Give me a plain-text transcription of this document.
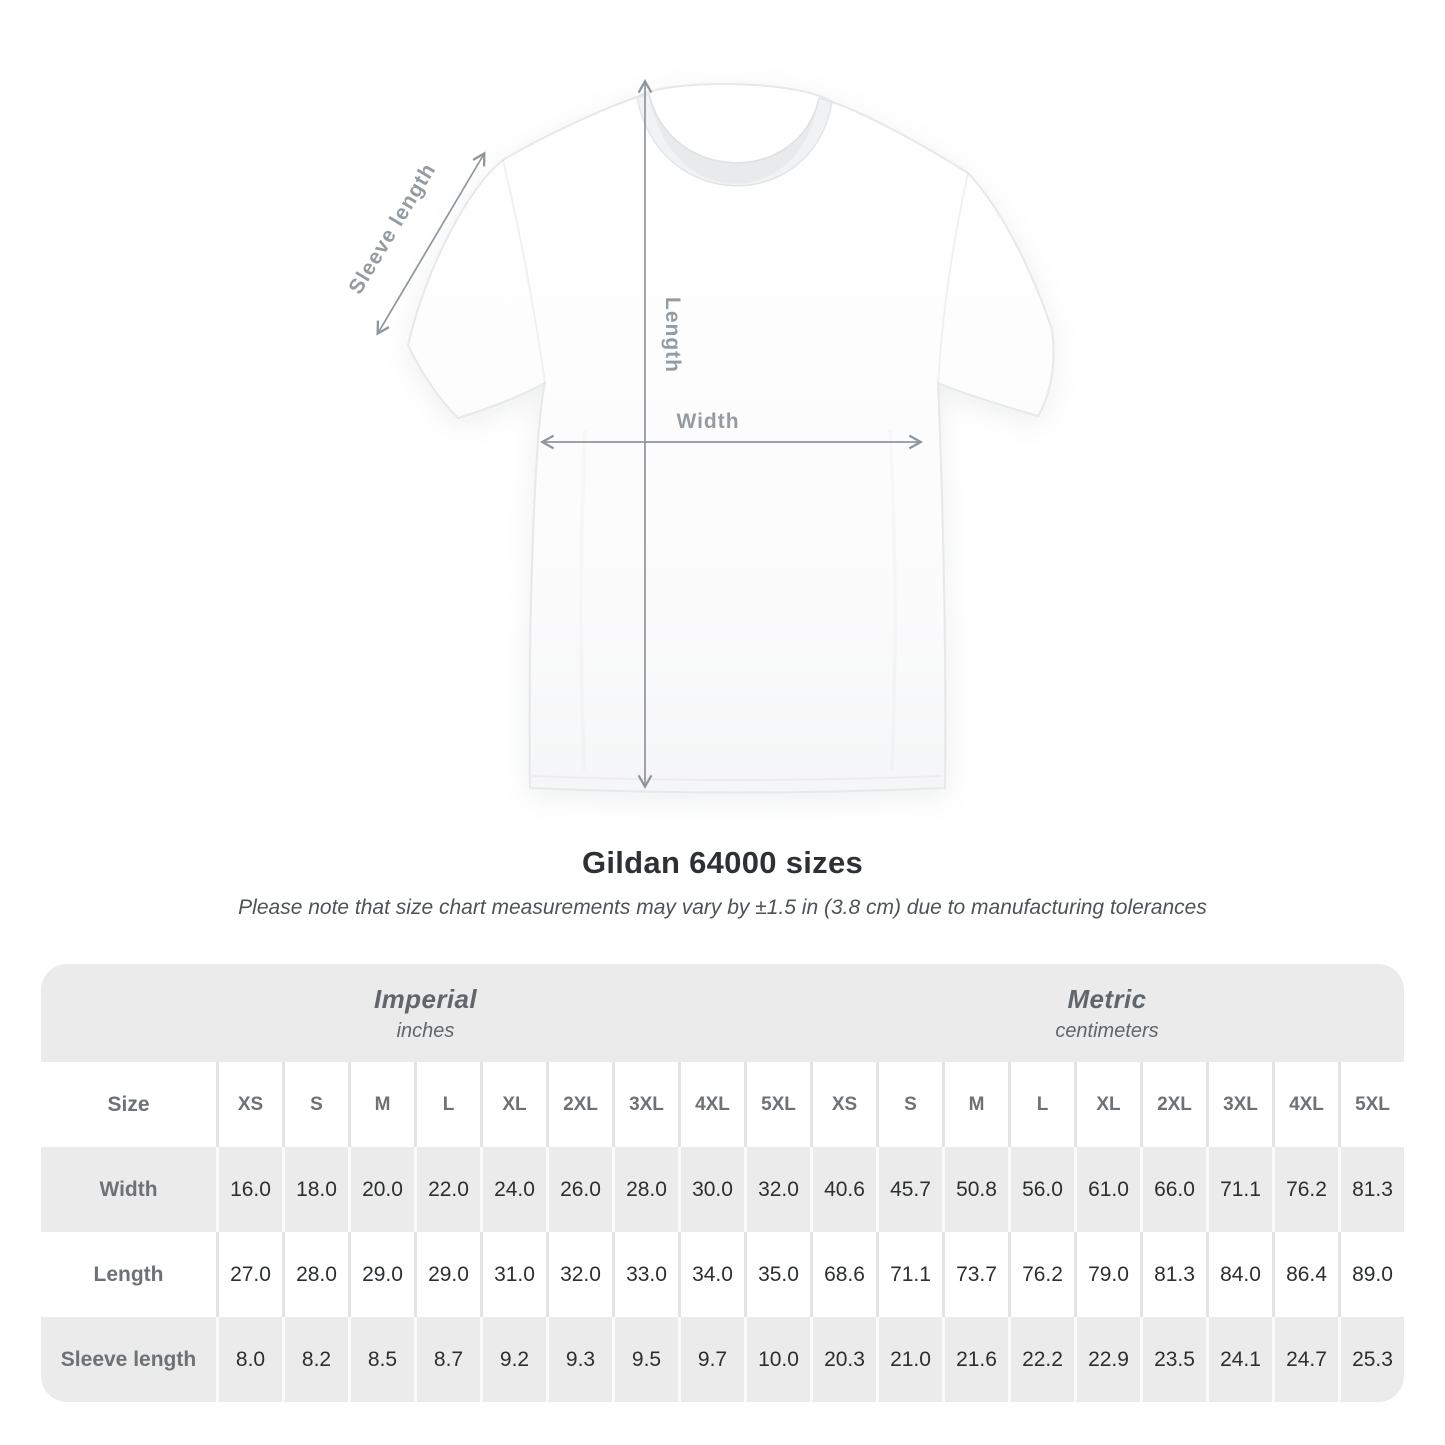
Sleeve length
Length
Width
Gildan 64000 sizes
Please note that size chart measurements may vary by ±1.5 in (3.8 cm) due to manufacturing tolerances
Imperial
inches
Metric
centimeters
Size	XS	S	M	L	XL	2XL	3XL	4XL	5XL	XS	S	M	L	XL	2XL	3XL	4XL	5XL
Width	16.0	18.0	20.0	22.0	24.0	26.0	28.0	30.0	32.0	40.6	45.7	50.8	56.0	61.0	66.0	71.1	76.2	81.3
Length	27.0	28.0	29.0	29.0	31.0	32.0	33.0	34.0	35.0	68.6	71.1	73.7	76.2	79.0	81.3	84.0	86.4	89.0
Sleeve length	8.0	8.2	8.5	8.7	9.2	9.3	9.5	9.7	10.0	20.3	21.0	21.6	22.2	22.9	23.5	24.1	24.7	25.3
